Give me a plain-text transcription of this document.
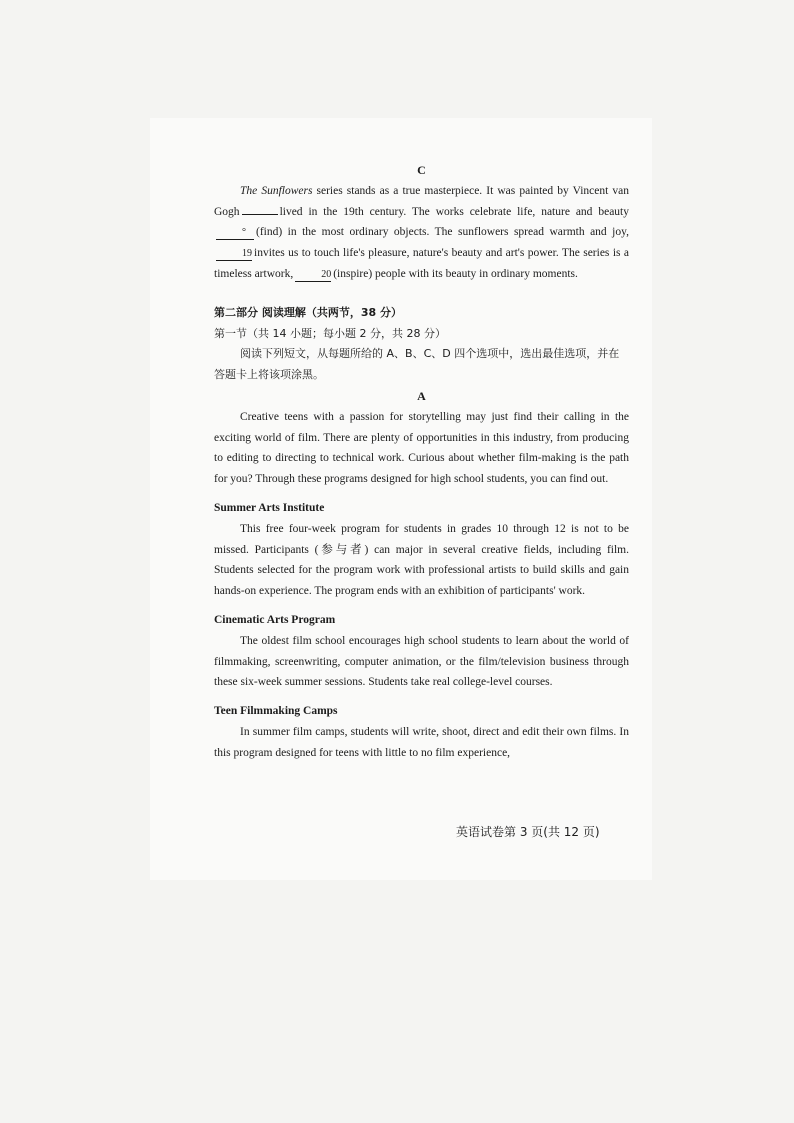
C

The Sunflowers series stands as a true masterpiece. It was painted by Vincent van Gogh	lived in the 19th century. The works celebrate life, nature and beauty° (find) in the most ordinary objects. The sunflowers spread warmth and joy,19 invites us to touch life's pleasure, nature's beauty and art's power. The series is a timeless artwork,	20 (inspire) people with its beauty in ordinary moments.

第二部分 阅读理解（共两节，38 分）

第一节（共 14 小题；每小题 2 分，共 28 分）

阅读下列短文，从每题所给的 A、B、C、D 四个选项中，选出最佳选项，并在答题卡上将该项涂黑。

A

Creative teens with a passion for storytelling may just find their calling in the exciting world of film. There are plenty of opportunities in this industry, from producing to editing to directing to technical work. Curious about whether film-making is the path for you? Through these programs designed for high school students, you can find out.

Summer Arts Institute

This free four-week program for students in grades 10 through 12 is not to be missed. Participants (参与者) can major in several creative fields, including film. Students selected for the program work with professional artists to build skills and gain hands-on experience. The program ends with an exhibition of participants' work.

Cinematic Arts Program

The oldest film school encourages high school students to learn about the world of filmmaking, screenwriting, computer animation, or the film/television business through these six-week summer sessions. Students take real college-level courses.

Teen Filmmaking Camps

In summer film camps, students will write, shoot, direct and edit their own films. In this program designed for teens with little to no film experience,

英语试卷第 3 页(共 12 页)
